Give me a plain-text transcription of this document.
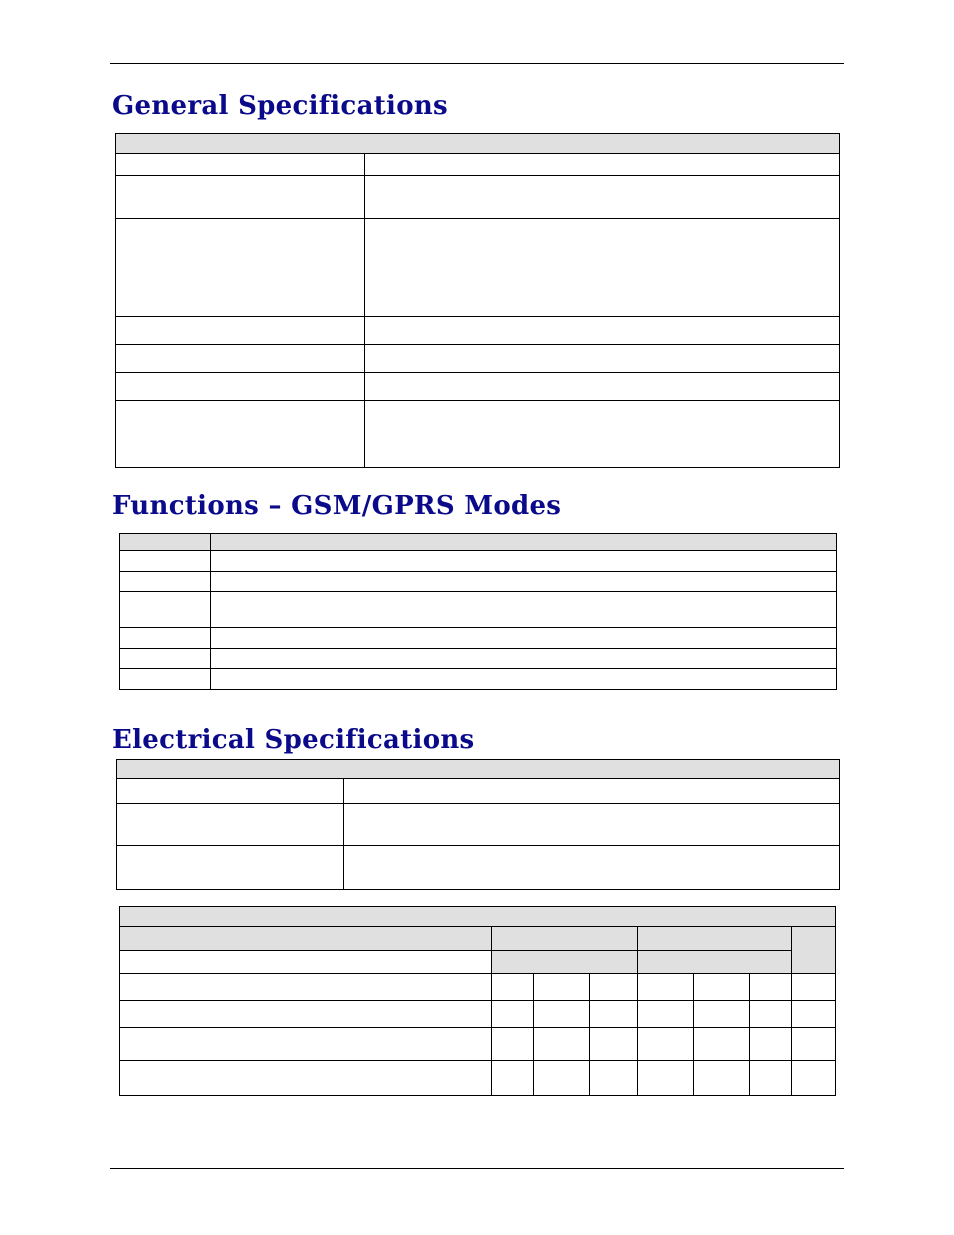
General Specifications

Functions – GSM/GPRS Modes

Electrical Specifications
